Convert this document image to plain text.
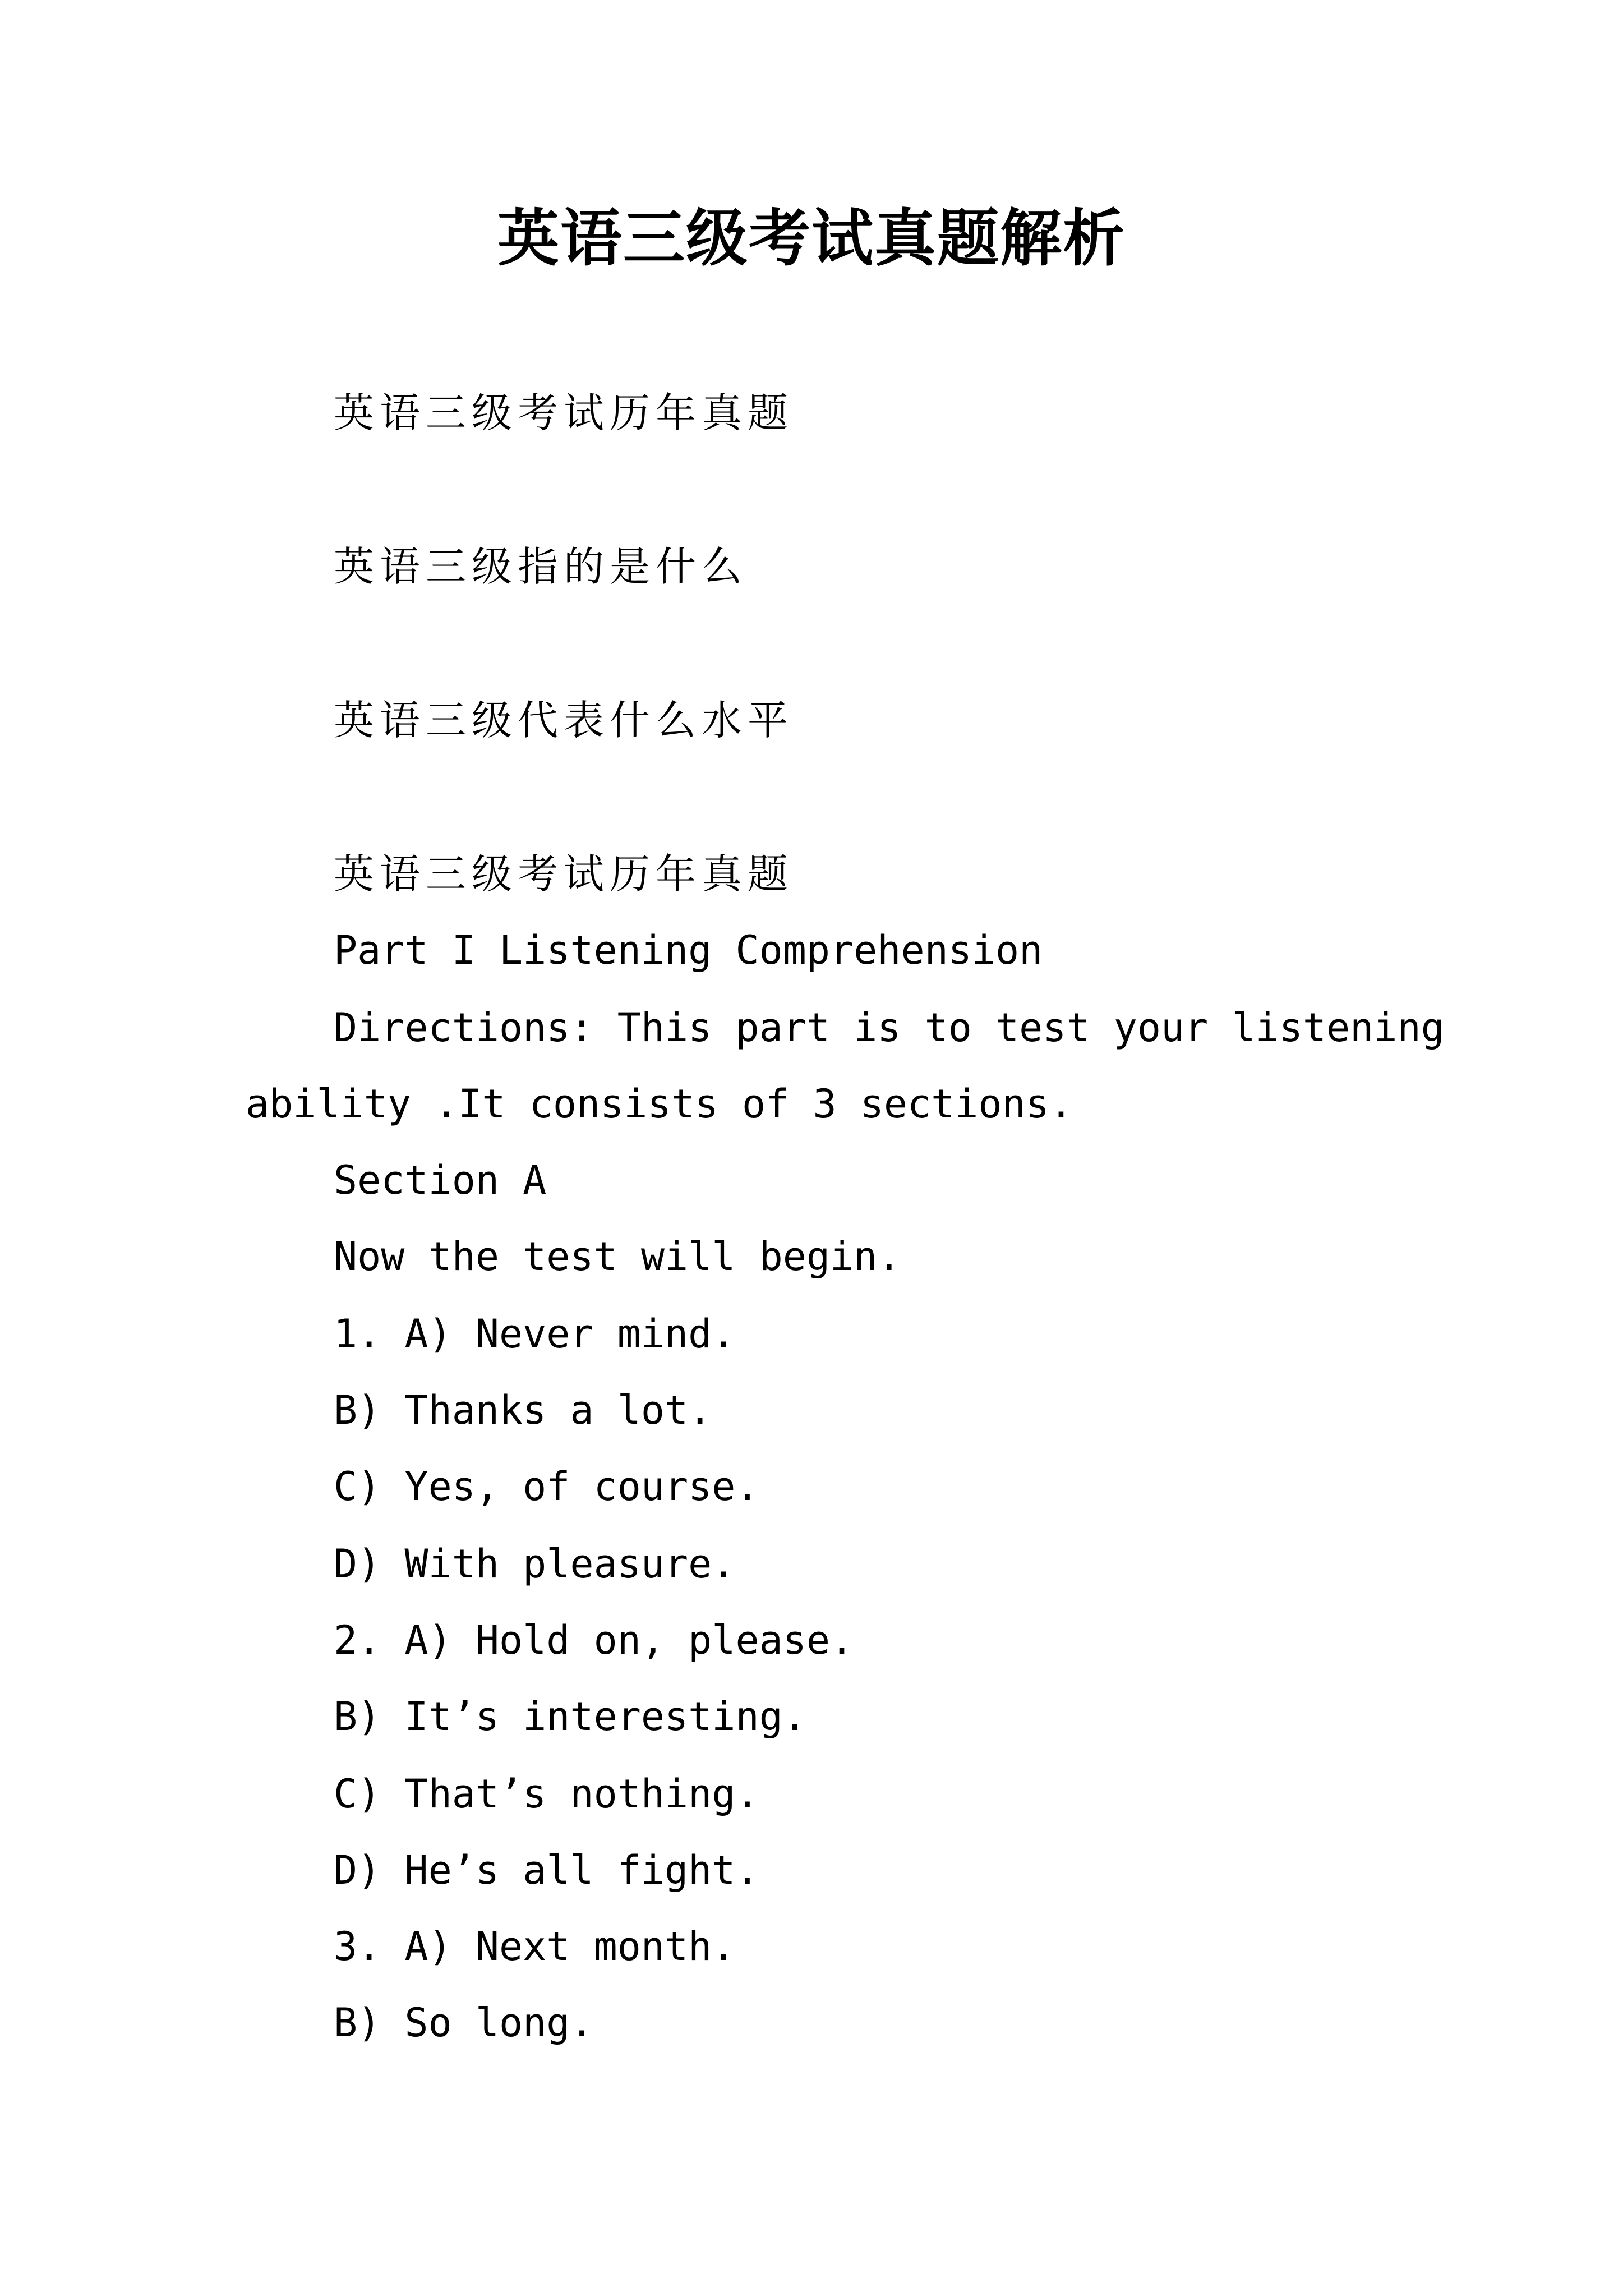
英语三级考试真题解析
英语三级考试历年真题
英语三级指的是什么
英语三级代表什么水平
英语三级考试历年真题
Part I Listening Comprehension
Directions: This part is to test your listening
ability .It consists of 3 sections.
Section A
Now the test will begin.
1. A) Never mind.
B) Thanks a lot.
C) Yes, of course.
D) With pleasure.
2. A) Hold on, please.
B) It’s interesting.
C) That’s nothing.
D) He’s all fight.
3. A) Next month.
B) So long.
